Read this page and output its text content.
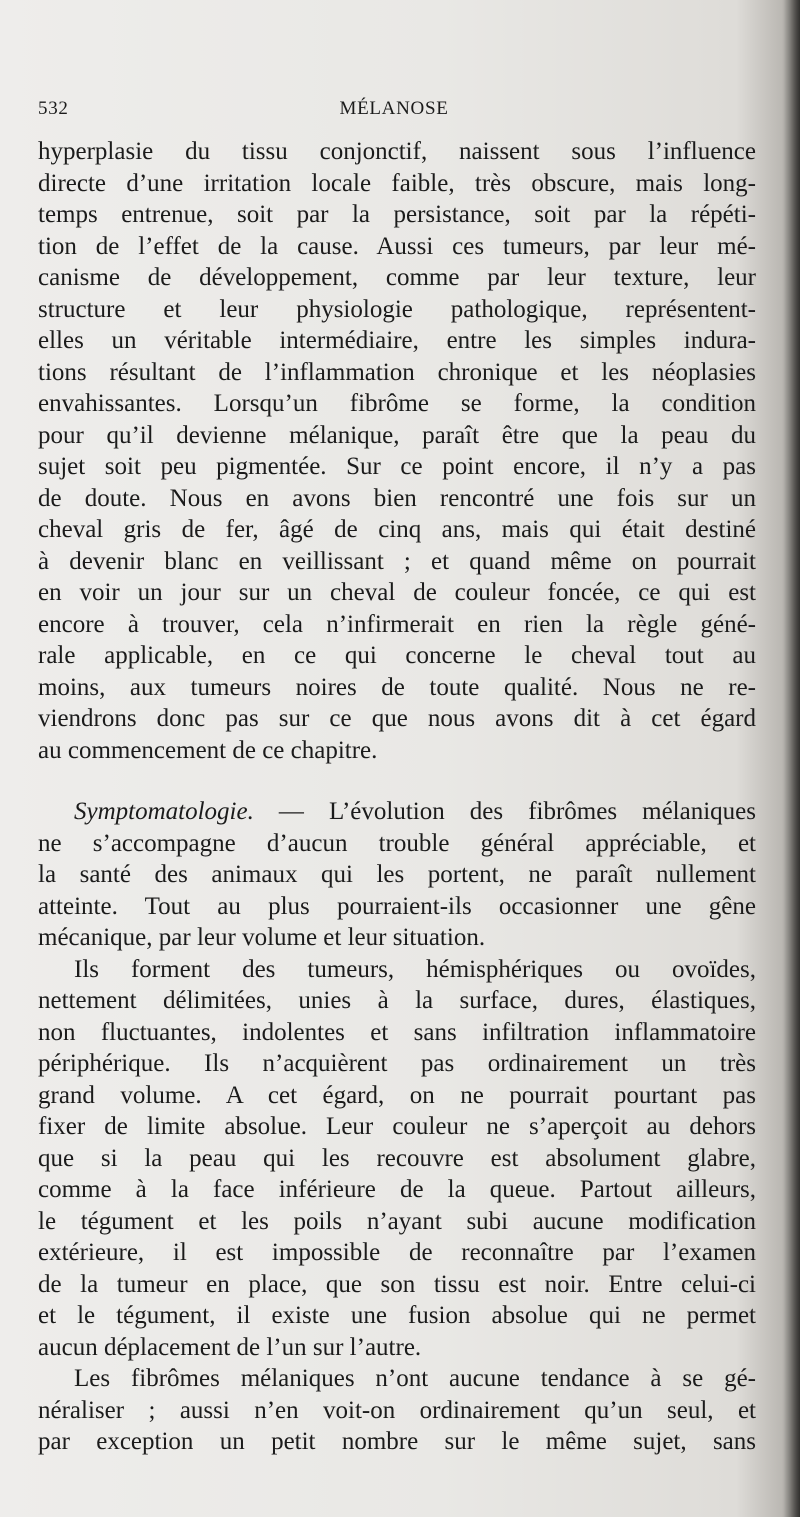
532	MÉLANOSE
hyperplasie du tissu conjonctif, naissent sous l’influence
directe d’une irritation locale faible, très obscure, mais long-
temps entrenue, soit par la persistance, soit par la répéti-
tion de l’effet de la cause. Aussi ces tumeurs, par leur mé-
canisme de développement, comme par leur texture, leur
structure et leur physiologie pathologique, représentent-
elles un véritable intermédiaire, entre les simples indura-
tions résultant de l’inflammation chronique et les néoplasies
envahissantes. Lorsqu’un fibrôme se forme, la condition
pour qu’il devienne mélanique, paraît être que la peau du
sujet soit peu pigmentée. Sur ce point encore, il n’y a pas
de doute. Nous en avons bien rencontré une fois sur un
cheval gris de fer, âgé de cinq ans, mais qui était destiné
à devenir blanc en veillissant ; et quand même on pourrait
en voir un jour sur un cheval de couleur foncée, ce qui est
encore à trouver, cela n’infirmerait en rien la règle géné-
rale applicable, en ce qui concerne le cheval tout au
moins, aux tumeurs noires de toute qualité. Nous ne re-
viendrons donc pas sur ce que nous avons dit à cet égard
au commencement de ce chapitre.
Symptomatologie. — L’évolution des fibrômes mélaniques
ne s’accompagne d’aucun trouble général appréciable, et
la santé des animaux qui les portent, ne paraît nullement
atteinte. Tout au plus pourraient-ils occasionner une gêne
mécanique, par leur volume et leur situation.
Ils forment des tumeurs, hémisphériques ou ovoïdes,
nettement délimitées, unies à la surface, dures, élastiques,
non fluctuantes, indolentes et sans infiltration inflammatoire
périphérique. Ils n’acquièrent pas ordinairement un très
grand volume. A cet égard, on ne pourrait pourtant pas
fixer de limite absolue. Leur couleur ne s’aperçoit au dehors
que si la peau qui les recouvre est absolument glabre,
comme à la face inférieure de la queue. Partout ailleurs,
le tégument et les poils n’ayant subi aucune modification
extérieure, il est impossible de reconnaître par l’examen
de la tumeur en place, que son tissu est noir. Entre celui-ci
et le tégument, il existe une fusion absolue qui ne permet
aucun déplacement de l’un sur l’autre.
Les fibrômes mélaniques n’ont aucune tendance à se gé-
néraliser ; aussi n’en voit-on ordinairement qu’un seul, et
par exception un petit nombre sur le même sujet, sans
